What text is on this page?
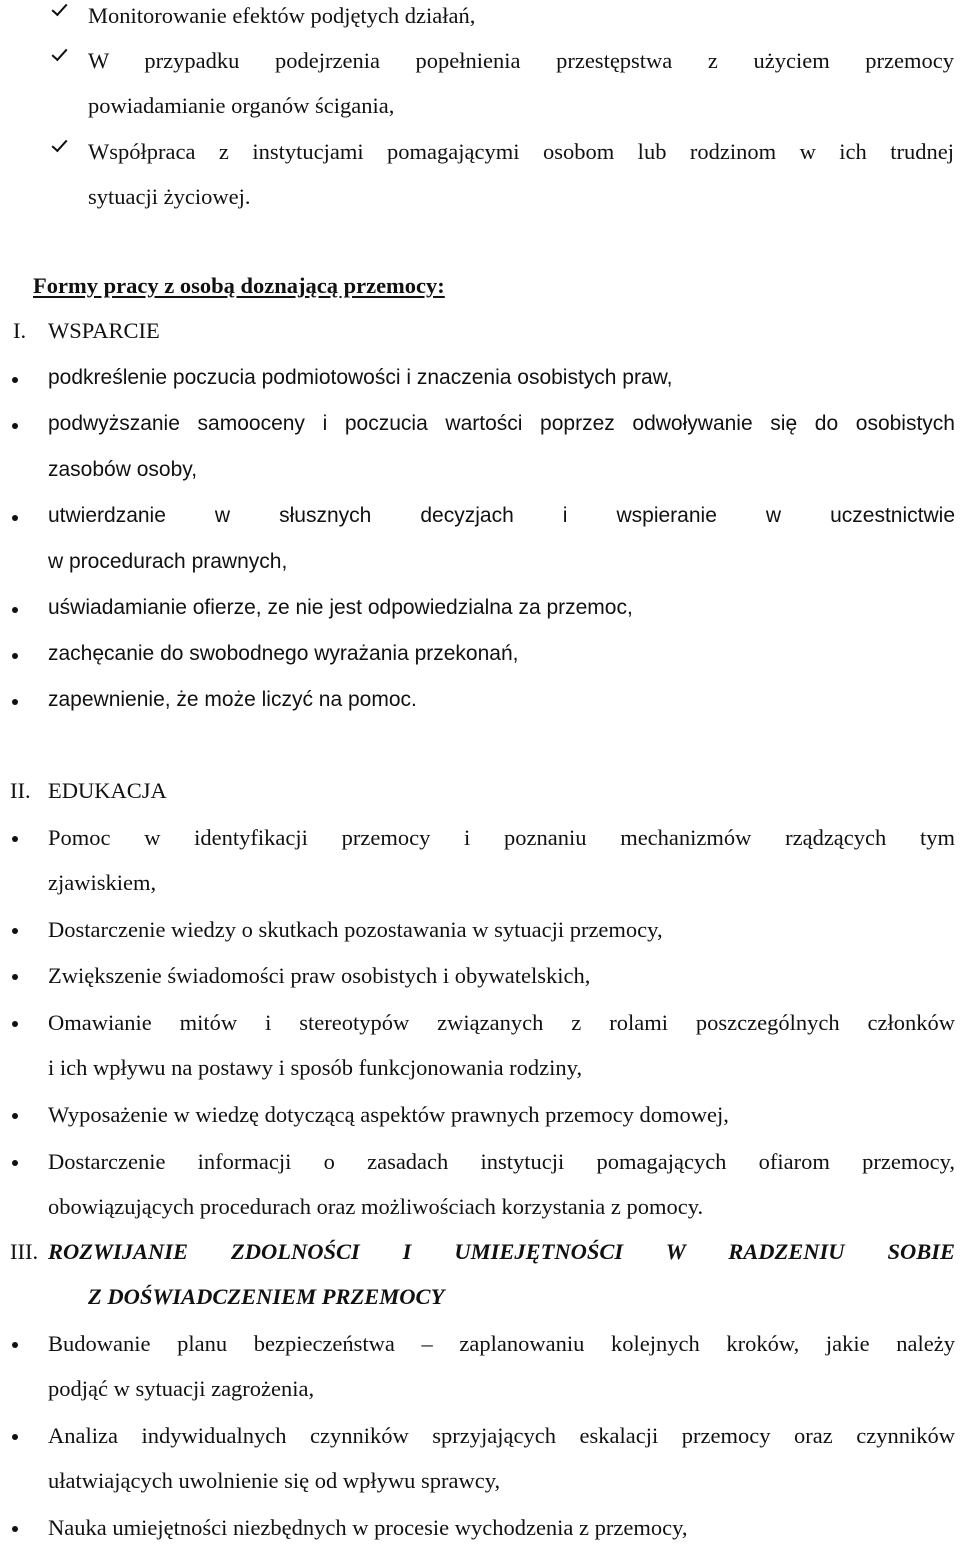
Monitorowanie efektów podjętych działań,
W przypadku podejrzenia popełnienia przestępstwa z użyciem przemocy
powiadamianie organów ścigania,
Współpraca z instytucjami pomagającymi osobom lub rodzinom w ich trudnej
sytuacji życiowej.
Formy pracy z osobą doznającą przemocy:
I. WSPARCIE
podkreślenie poczucia podmiotowości i znaczenia osobistych praw,
podwyższanie samooceny i poczucia wartości poprzez odwoływanie się do osobistych
zasobów osoby,
utwierdzanie w słusznych decyzjach i wspieranie w uczestnictwie
w procedurach prawnych,
uświadamianie ofierze, ze nie jest odpowiedzialna za przemoc,
zachęcanie do swobodnego wyrażania przekonań,
zapewnienie, że może liczyć na pomoc.
II. EDUKACJA
Pomoc w identyfikacji przemocy i poznaniu mechanizmów rządzących tym
zjawiskiem,
Dostarczenie wiedzy o skutkach pozostawania w sytuacji przemocy,
Zwiększenie świadomości praw osobistych i obywatelskich,
Omawianie mitów i stereotypów związanych z rolami poszczególnych członków
i ich wpływu na postawy i sposób funkcjonowania rodziny,
Wyposażenie w wiedzę dotyczącą aspektów prawnych przemocy domowej,
Dostarczenie informacji o zasadach instytucji pomagających ofiarom przemocy,
obowiązujących procedurach oraz możliwościach korzystania z pomocy.
III. ROZWIJANIE ZDOLNOŚCI I UMIEJĘTNOŚCI W RADZENIU SOBIE
Z DOŚWIADCZENIEM PRZEMOCY
Budowanie planu bezpieczeństwa – zaplanowaniu kolejnych kroków, jakie należy
podjąć w sytuacji zagrożenia,
Analiza indywidualnych czynników sprzyjających eskalacji przemocy oraz czynników
ułatwiających uwolnienie się od wpływu sprawcy,
Nauka umiejętności niezbędnych w procesie wychodzenia z przemocy,
